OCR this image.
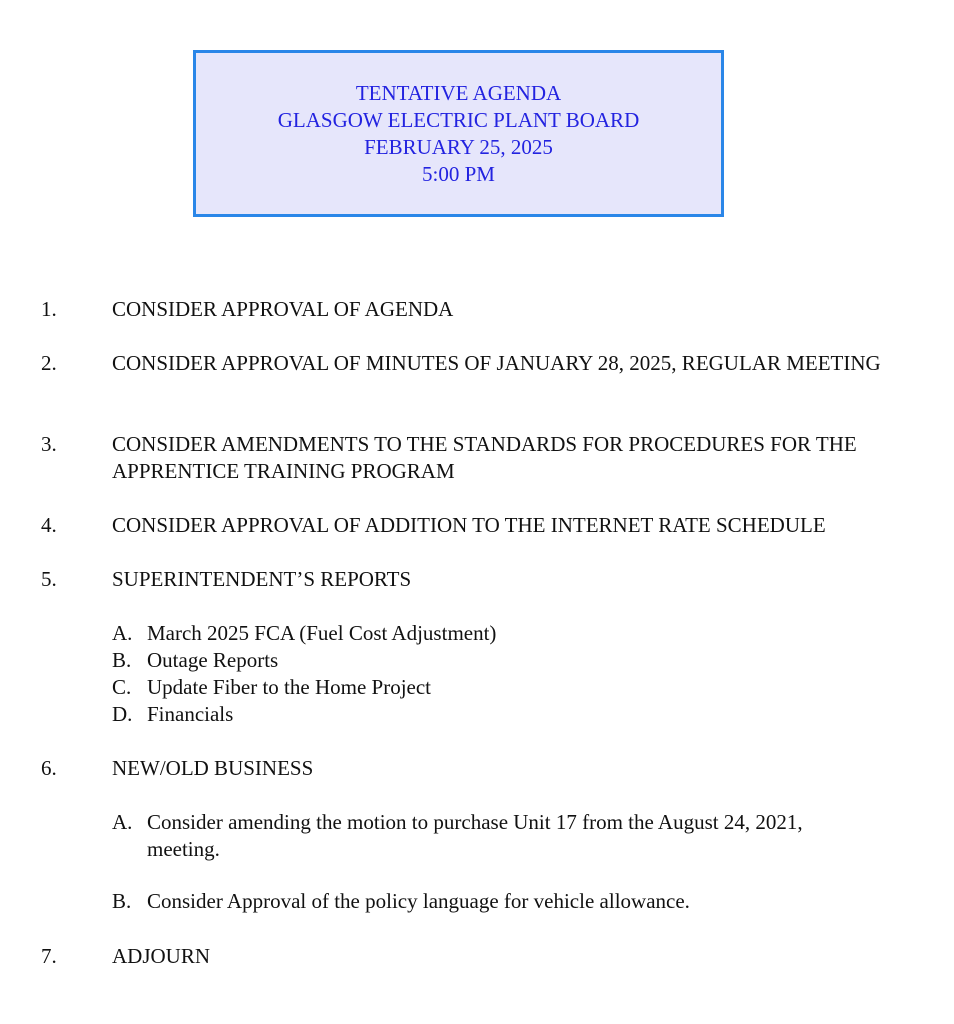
TENTATIVE AGENDA
GLASGOW ELECTRIC PLANT BOARD
FEBRUARY 25, 2025
5:00 PM
1.	CONSIDER APPROVAL OF AGENDA
2.	CONSIDER APPROVAL OF MINUTES OF JANUARY 28, 2025, REGULAR MEETING
3.	CONSIDER AMENDMENTS TO THE STANDARDS FOR PROCEDURES FOR THE APPRENTICE TRAINING PROGRAM
4.	CONSIDER APPROVAL OF ADDITION TO THE INTERNET RATE SCHEDULE
5.	SUPERINTENDENT’S REPORTS
A. March 2025 FCA (Fuel Cost Adjustment)
B. Outage Reports
C. Update Fiber to the Home Project
D. Financials
6.	NEW/OLD BUSINESS
A. Consider amending the motion to purchase Unit 17 from the August 24, 2021, meeting.
B. Consider Approval of the policy language for vehicle allowance.
7.	ADJOURN
